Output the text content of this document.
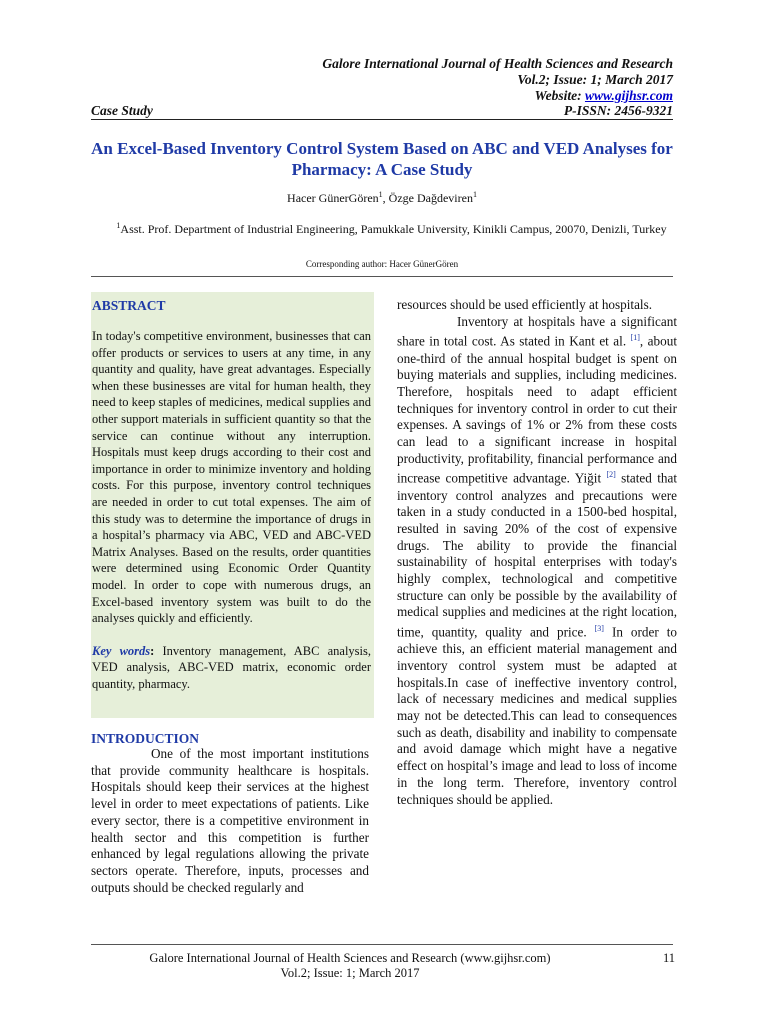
Galore International Journal of Health Sciences and Research
Vol.2; Issue: 1; March 2017
Website: www.gijhsr.com
Case Study	P-ISSN: 2456-9321
An Excel-Based Inventory Control System Based on ABC and VED Analyses for Pharmacy: A Case Study
Hacer GünerGören$^1$, Özge Dağdeviren$^1$
$^1$Asst. Prof. Department of Industrial Engineering, Pamukkale University, Kinikli Campus, 20070, Denizli, Turkey
Corresponding author: Hacer GünerGören
ABSTRACT
In today's competitive environment, businesses that can offer products or services to users at any time, in any quantity and quality, have great advantages. Especially when these businesses are vital for human health, they need to keep staples of medicines, medical supplies and other support materials in sufficient quantity so that the service can continue without any interruption. Hospitals must keep drugs according to their cost and importance in order to minimize inventory and holding costs. For this purpose, inventory control techniques are needed in order to cut total expenses. The aim of this study was to determine the importance of drugs in a hospital’s pharmacy via ABC, VED and ABC-VED Matrix Analyses. Based on the results, order quantities were determined using Economic Order Quantity model. In order to cope with numerous drugs, an Excel-based inventory system was built to do the analyses quickly and efficiently.
Key words: Inventory management, ABC analysis, VED analysis, ABC-VED matrix, economic order quantity, pharmacy.
INTRODUCTION
One of the most important institutions that provide community healthcare is hospitals. Hospitals should keep their services at the highest level in order to meet expectations of patients. Like every sector, there is a competitive environment in health sector and this competition is further enhanced by legal regulations allowing the private sectors operate. Therefore, inputs, processes and outputs should be checked regularly and
resources should be used efficiently at hospitals.
Inventory at hospitals have a significant share in total cost. As stated in Kant et al. [1], about one-third of the annual hospital budget is spent on buying materials and supplies, including medicines. Therefore, hospitals need to adapt efficient techniques for inventory control in order to cut their expenses. A savings of 1% or 2% from these costs can lead to a significant increase in hospital productivity, profitability, financial performance and increase competitive advantage. Yiğit [2] stated that inventory control analyzes and precautions were taken in a study conducted in a 1500-bed hospital, resulted in saving 20% of the cost of expensive drugs. The ability to provide the financial sustainability of hospital enterprises with today's highly complex, technological and competitive structure can only be possible by the availability of medical supplies and medicines at the right location, time, quantity, quality and price. [3] In order to achieve this, an efficient material management and inventory control system must be adapted at hospitals.In case of ineffective inventory control, lack of necessary medicines and medical supplies may not be detected.This can lead to consequences such as death, disability and inability to compensate and avoid damage which might have a negative effect on hospital’s image and lead to loss of income in the long term. Therefore, inventory control techniques should be applied.
Galore International Journal of Health Sciences and Research (www.gijhsr.com)
Vol.2; Issue: 1; March 2017
11
